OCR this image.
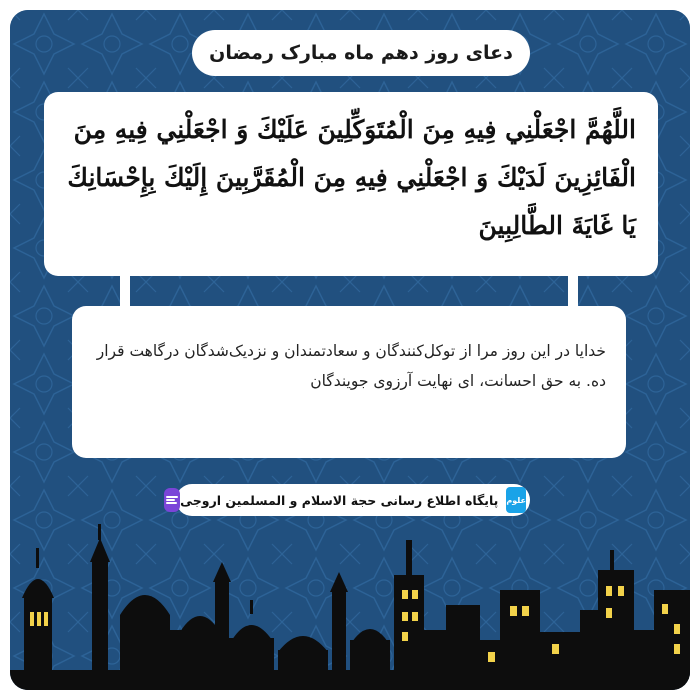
دعای روز دهم ماه مبارک رمضان
اللَّهُمَّ اجْعَلْنِي فِيهِ مِنَ الْمُتَوَكِّلِينَ عَلَيْكَ وَ اجْعَلْنِي فِيهِ مِنَ الْفَائِزِينَ لَدَيْكَ وَ اجْعَلْنِي فِيهِ مِنَ الْمُقَرَّبِينَ إِلَيْكَ بِإِحْسَانِكَ يَا غَايَةَ الطَّالِبِينَ
خدایا در این روز مرا از توکل‌کنندگان و سعادتمندان و نزدیک‌شدگان درگاهت قرار ده. به حق احسانت، ای نهایت آرزوی جویندگان
علوم
پایگاه اطلاع رسانی حجة الاسلام و المسلمین اروجی
